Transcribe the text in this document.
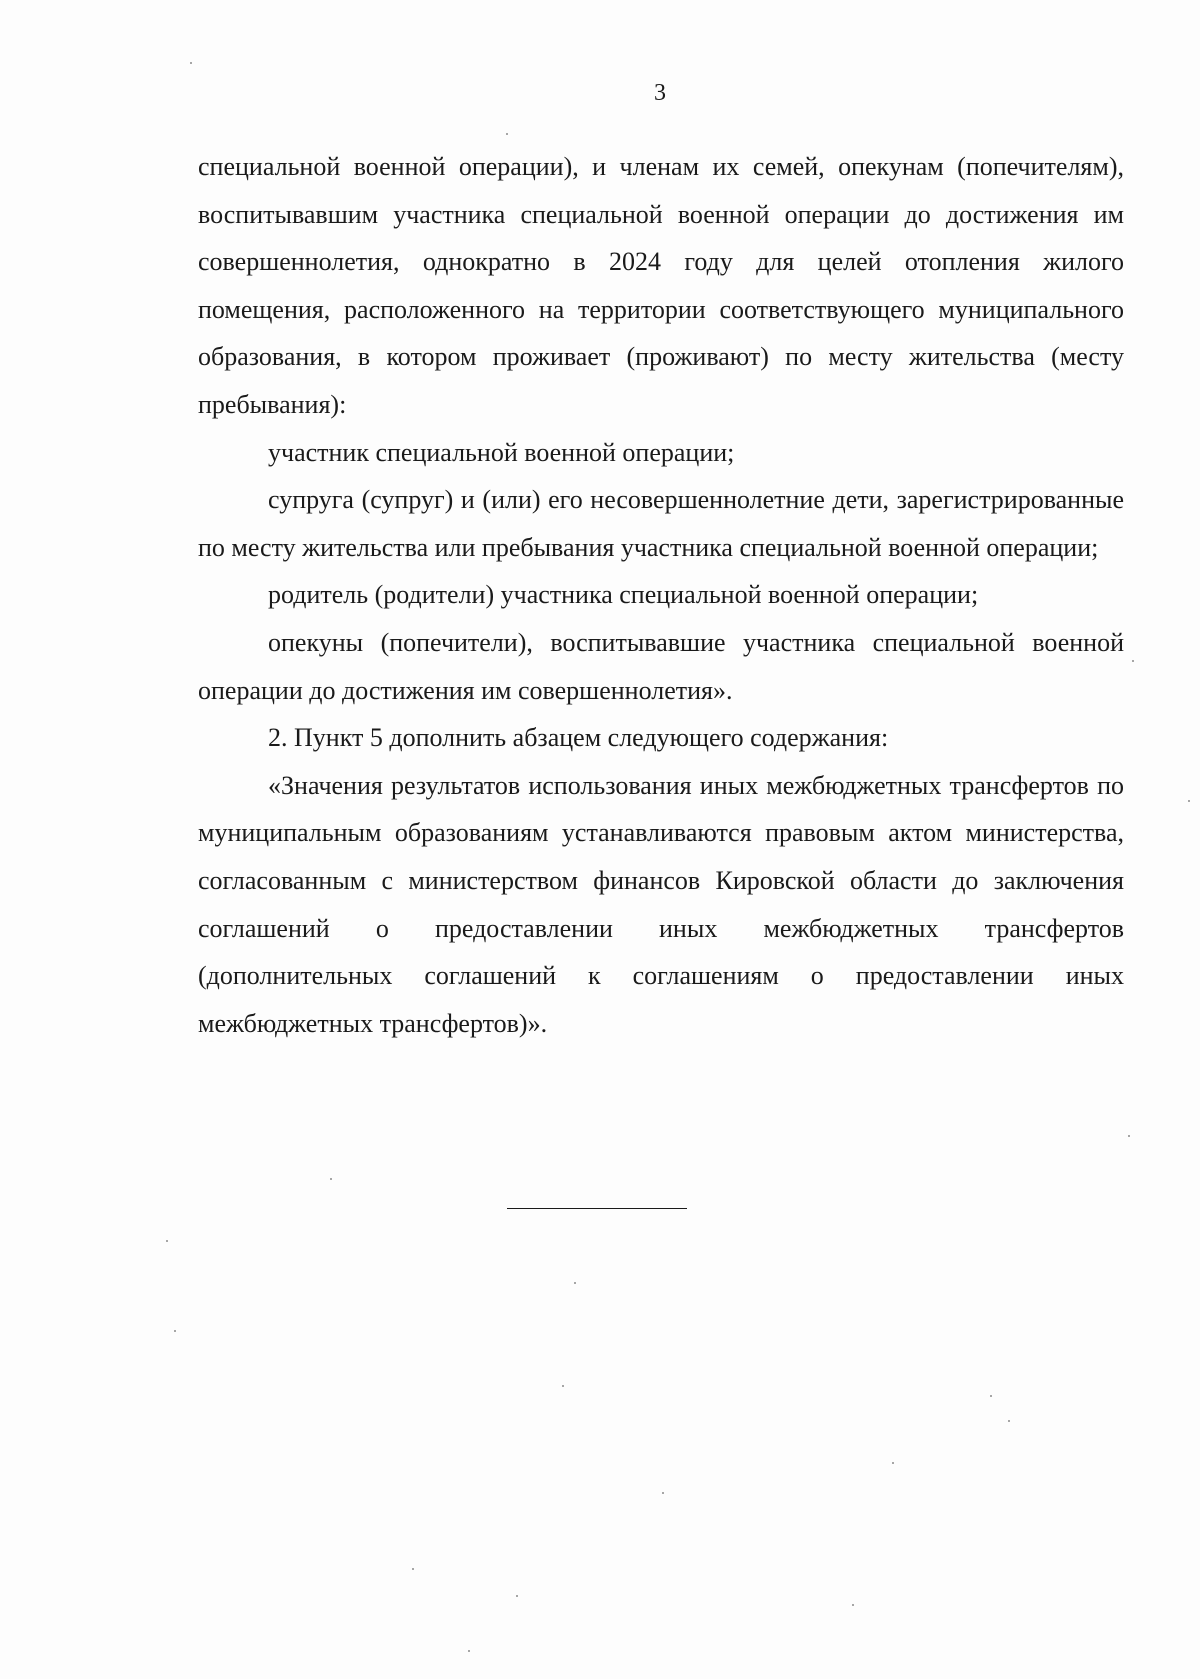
3

специальной военной операции), и членам их семей, опекунам (попечителям), воспитывавшим участника специальной военной операции до достижения им совершеннолетия, однократно в 2024 году для целей отопления жилого помещения, расположенного на территории соответствующего муниципального образования, в котором проживает (проживают) по месту жительства (месту пребывания):

участник специальной военной операции;

супруга (супруг) и (или) его несовершеннолетние дети, зарегистрированные по месту жительства или пребывания участника специальной военной операции;

родитель (родители) участника специальной военной операции;

опекуны (попечители), воспитывавшие участника специальной военной операции до достижения им совершеннолетия».

2. Пункт 5 дополнить абзацем следующего содержания:

«Значения результатов использования иных межбюджетных трансфертов по муниципальным образованиям устанавливаются правовым актом министерства, согласованным с министерством финансов Кировской области до заключения соглашений о предоставлении иных межбюджетных трансфертов (дополнительных соглашений к соглашениям о предоставлении иных межбюджетных трансфертов)».
